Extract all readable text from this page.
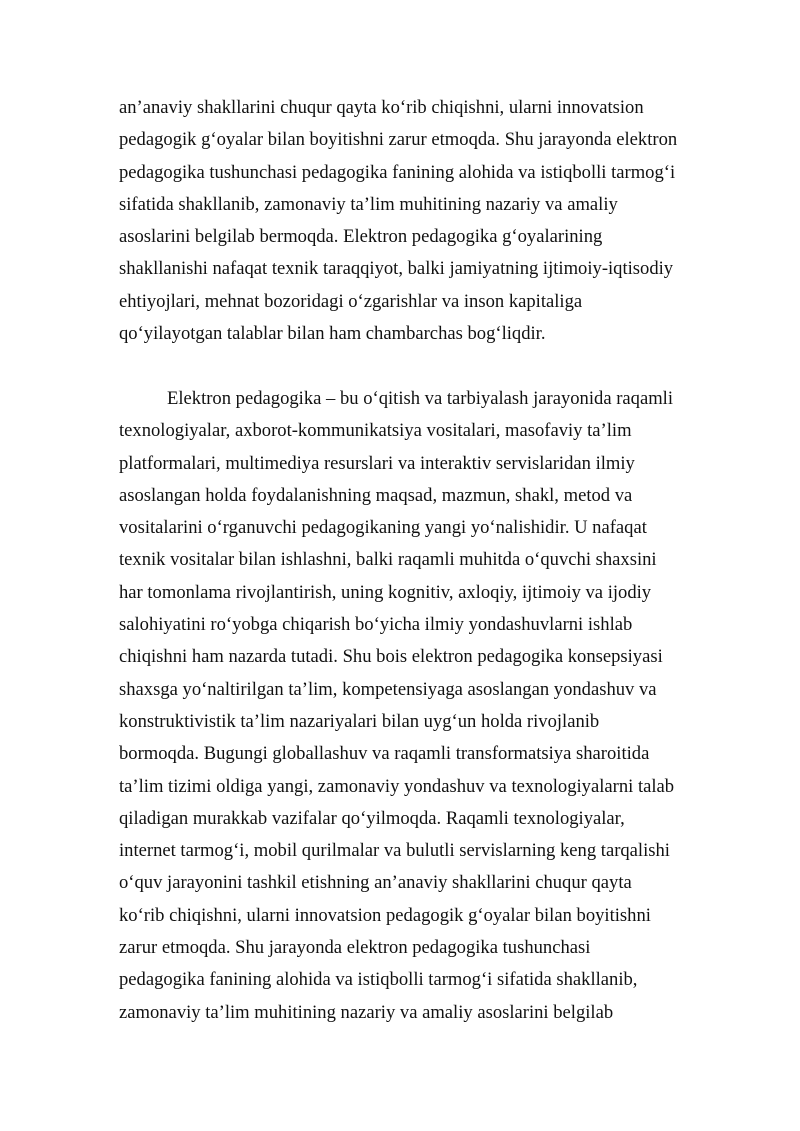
an’anaviy shakllarini chuqur qayta ko‘rib chiqishni, ularni innovatsion
pedagogik g‘oyalar bilan boyitishni zarur etmoqda. Shu jarayonda elektron
pedagogika tushunchasi pedagogika fanining alohida va istiqbolli tarmog‘i
sifatida shakllanib, zamonaviy ta’lim muhitining nazariy va amaliy
asoslarini belgilab bermoqda. Elektron pedagogika g‘oyalarining
shakllanishi nafaqat texnik taraqqiyot, balki jamiyatning ijtimoiy-iqtisodiy
ehtiyojlari, mehnat bozoridagi o‘zgarishlar va inson kapitaliga
qo‘yilayotgan talablar bilan ham chambarchas bog‘liqdir.
Elektron pedagogika – bu o‘qitish va tarbiyalash jarayonida raqamli
texnologiyalar, axborot-kommunikatsiya vositalari, masofaviy ta’lim
platformalari, multimediya resurslari va interaktiv servislaridan ilmiy
asoslangan holda foydalanishning maqsad, mazmun, shakl, metod va
vositalarini o‘rganuvchi pedagogikaning yangi yo‘nalishidir. U nafaqat
texnik vositalar bilan ishlashni, balki raqamli muhitda o‘quvchi shaxsini
har tomonlama rivojlantirish, uning kognitiv, axloqiy, ijtimoiy va ijodiy
salohiyatini ro‘yobga chiqarish bo‘yicha ilmiy yondashuvlarni ishlab
chiqishni ham nazarda tutadi. Shu bois elektron pedagogika konsepsiyasi
shaxsga yo‘naltirilgan ta’lim, kompetensiyaga asoslangan yondashuv va
konstruktivistik ta’lim nazariyalari bilan uyg‘un holda rivojlanib
bormoqda. Bugungi globallashuv va raqamli transformatsiya sharoitida
ta’lim tizimi oldiga yangi, zamonaviy yondashuv va texnologiyalarni talab
qiladigan murakkab vazifalar qo‘yilmoqda. Raqamli texnologiyalar,
internet tarmog‘i, mobil qurilmalar va bulutli servislarning keng tarqalishi
o‘quv jarayonini tashkil etishning an’anaviy shakllarini chuqur qayta
ko‘rib chiqishni, ularni innovatsion pedagogik g‘oyalar bilan boyitishni
zarur etmoqda. Shu jarayonda elektron pedagogika tushunchasi
pedagogika fanining alohida va istiqbolli tarmog‘i sifatida shakllanib,
zamonaviy ta’lim muhitining nazariy va amaliy asoslarini belgilab
